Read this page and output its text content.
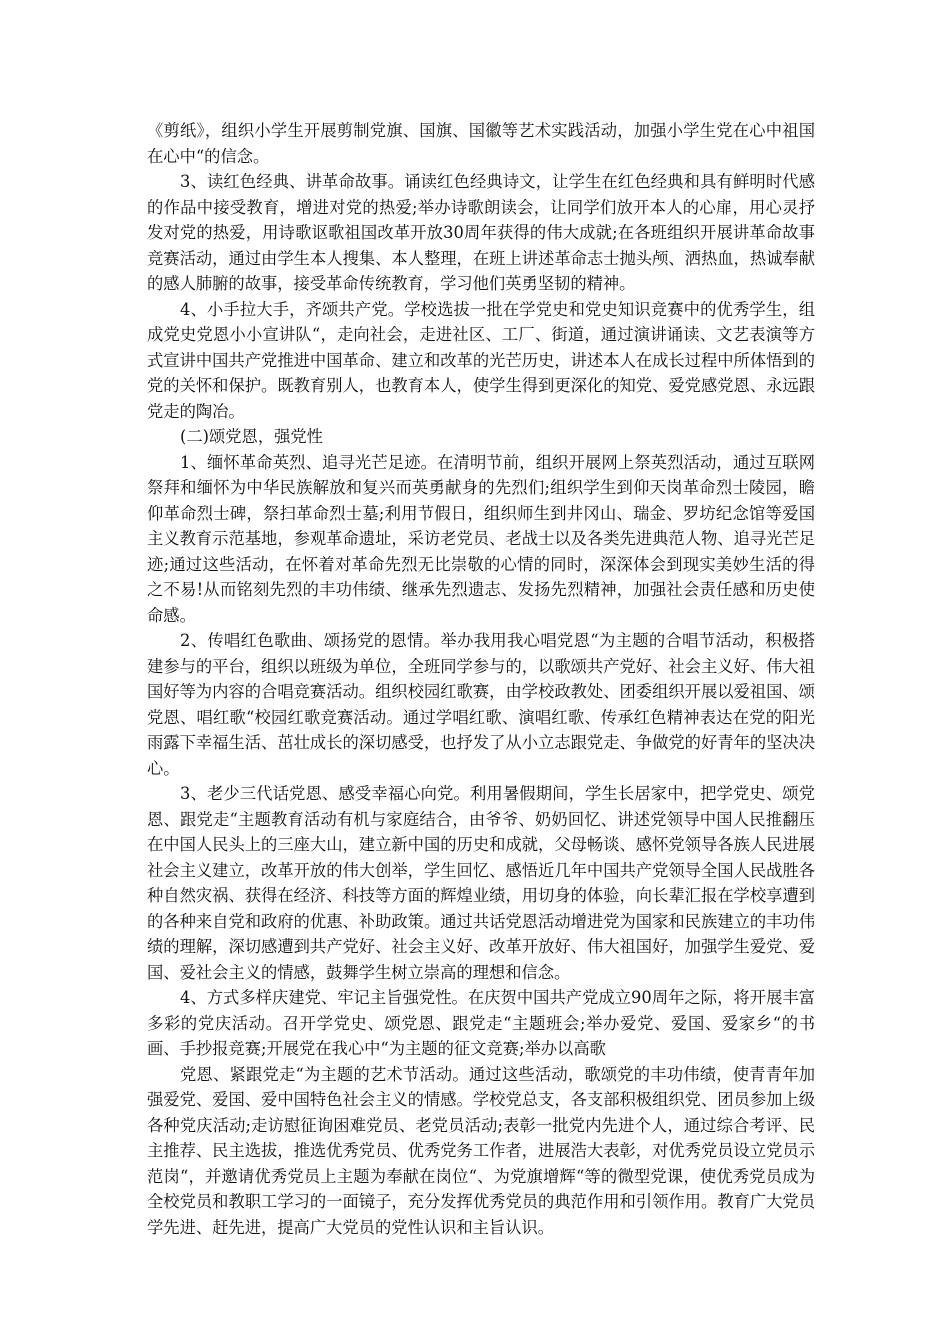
《剪纸》，组织小学生开展剪制党旗、国旗、国徽等艺术实践活动，加强小学生党在心中祖国在心中“的信念。

3、读红色经典、讲革命故事。诵读红色经典诗文，让学生在红色经典和具有鲜明时代感的作品中接受教育，增进对党的热爱;举办诗歌朗读会，让同学们放开本人的心扉，用心灵抒发对党的热爱，用诗歌讴歌祖国改革开放30周年获得的伟大成就;在各班组织开展讲革命故事竞赛活动，通过由学生本人搜集、本人整理，在班上讲述革命志士抛头颅、洒热血，热诚奉献的感人肺腑的故事，接受革命传统教育，学习他们英勇坚韧的精神。

4、小手拉大手，齐颂共产党。学校选拔一批在学党史和党史知识竞赛中的优秀学生，组成党史党恩小小宣讲队“，走向社会，走进社区、工厂、街道，通过演讲诵读、文艺表演等方式宣讲中国共产党推进中国革命、建立和改革的光芒历史，讲述本人在成长过程中所体悟到的党的关怀和保护。既教育别人，也教育本人，使学生得到更深化的知党、爱党感党恩、永远跟党走的陶冶。

(二)颂党恩，强党性

1、缅怀革命英烈、追寻光芒足迹。在清明节前，组织开展网上祭英烈活动，通过互联网祭拜和缅怀为中华民族解放和复兴而英勇献身的先烈们;组织学生到仰天岗革命烈士陵园，瞻仰革命烈士碑，祭扫革命烈士墓;利用节假日，组织师生到井冈山、瑞金、罗坊纪念馆等爱国主义教育示范基地，参观革命遗址，采访老党员、老战士以及各类先进典范人物、追寻光芒足迹;通过这些活动，在怀着对革命先烈无比崇敬的心情的同时，深深体会到现实美妙生活的得之不易!从而铭刻先烈的丰功伟绩、继承先烈遗志、发扬先烈精神，加强社会责任感和历史使命感。

2、传唱红色歌曲、颂扬党的恩情。举办我用我心唱党恩“为主题的合唱节活动，积极搭建参与的平台，组织以班级为单位，全班同学参与的，以歌颂共产党好、社会主义好、伟大祖国好等为内容的合唱竞赛活动。组织校园红歌赛，由学校政教处、团委组织开展以爱祖国、颂党恩、唱红歌“校园红歌竞赛活动。通过学唱红歌、演唱红歌、传承红色精神表达在党的阳光雨露下幸福生活、茁壮成长的深切感受，也抒发了从小立志跟党走、争做党的好青年的坚决决心。

3、老少三代话党恩、感受幸福心向党。利用暑假期间，学生长居家中，把学党史、颂党恩、跟党走“主题教育活动有机与家庭结合，由爷爷、奶奶回忆、讲述党领导中国人民推翻压在中国人民头上的三座大山，建立新中国的历史和成就，父母畅谈、感怀党领导各族人民进展社会主义建立，改革开放的伟大创举，学生回忆、感悟近几年中国共产党领导全国人民战胜各种自然灾祸、获得在经济、科技等方面的辉煌业绩，用切身的体验，向长辈汇报在学校享遭到的各种来自党和政府的优惠、补助政策。通过共话党恩活动增进党为国家和民族建立的丰功伟绩的理解，深切感遭到共产党好、社会主义好、改革开放好、伟大祖国好，加强学生爱党、爱国、爱社会主义的情感，鼓舞学生树立崇高的理想和信念。

4、方式多样庆建党、牢记主旨强党性。在庆贺中国共产党成立90周年之际，将开展丰富多彩的党庆活动。召开学党史、颂党恩、跟党走“主题班会;举办爱党、爱国、爱家乡“的书画、手抄报竞赛;开展党在我心中“为主题的征文竞赛;举办以高歌

党恩、紧跟党走“为主题的艺术节活动。通过这些活动，歌颂党的丰功伟绩，使青青年加强爱党、爱国、爱中国特色社会主义的情感。学校党总支，各支部积极组织党、团员参加上级各种党庆活动;走访慰征询困难党员、老党员活动;表彰一批党内先进个人，通过综合考评、民主推荐、民主选拔，推选优秀党员、优秀党务工作者，进展浩大表彰，对优秀党员设立党员示范岗“，并邀请优秀党员上主题为奉献在岗位“、为党旗增辉“等的微型党课，使优秀党员成为全校党员和教职工学习的一面镜子，充分发挥优秀党员的典范作用和引领作用。教育广大党员学先进、赶先进，提高广大党员的党性认识和主旨认识。
